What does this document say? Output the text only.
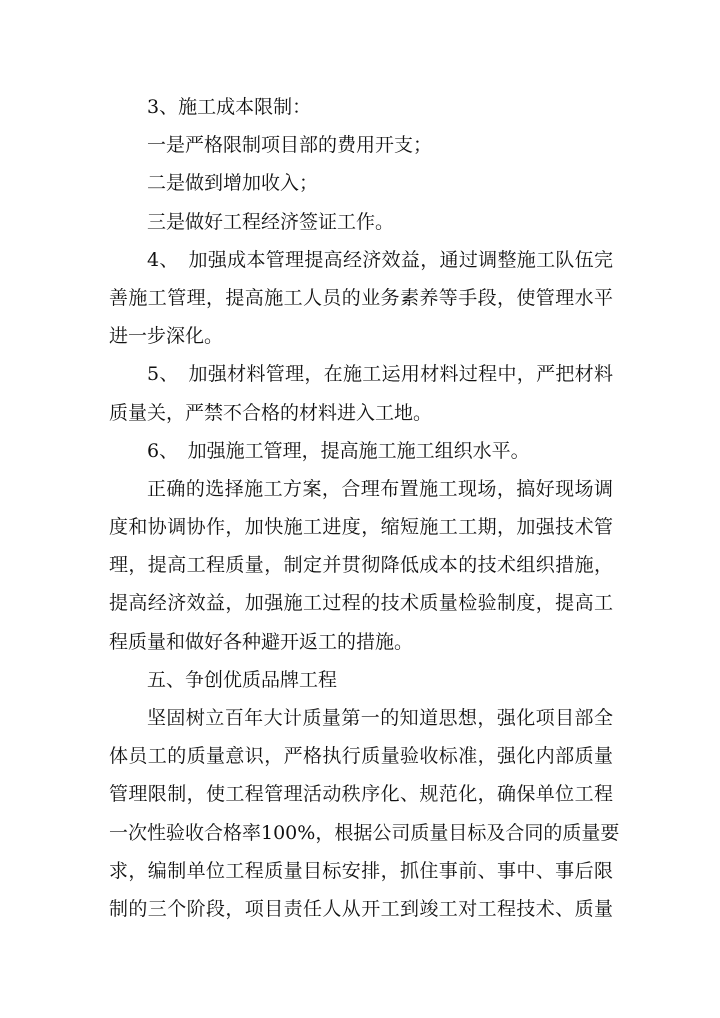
3、施工成本限制：
一是严格限制项目部的费用开支；
二是做到增加收入；
三是做好工程经济签证工作。
4、　加强成本管理提高经济效益，通过调整施工队伍完
善施工管理，提高施工人员的业务素养等手段，使管理水平
进一步深化。
5、　加强材料管理，在施工运用材料过程中，严把材料
质量关，严禁不合格的材料进入工地。
6、　加强施工管理，提高施工施工组织水平。
正确的选择施工方案，合理布置施工现场，搞好现场调
度和协调协作，加快施工进度，缩短施工工期，加强技术管
理，提高工程质量，制定并贯彻降低成本的技术组织措施，
提高经济效益，加强施工过程的技术质量检验制度，提高工
程质量和做好各种避开返工的措施。
五、争创优质品牌工程
坚固树立百年大计质量第一的知道思想，强化项目部全
体员工的质量意识，严格执行质量验收标准，强化内部质量
管理限制，使工程管理活动秩序化、规范化，确保单位工程
一次性验收合格率100%，根据公司质量目标及合同的质量要
求，编制单位工程质量目标安排，抓住事前、事中、事后限
制的三个阶段，项目责任人从开工到竣工对工程技术、质量
